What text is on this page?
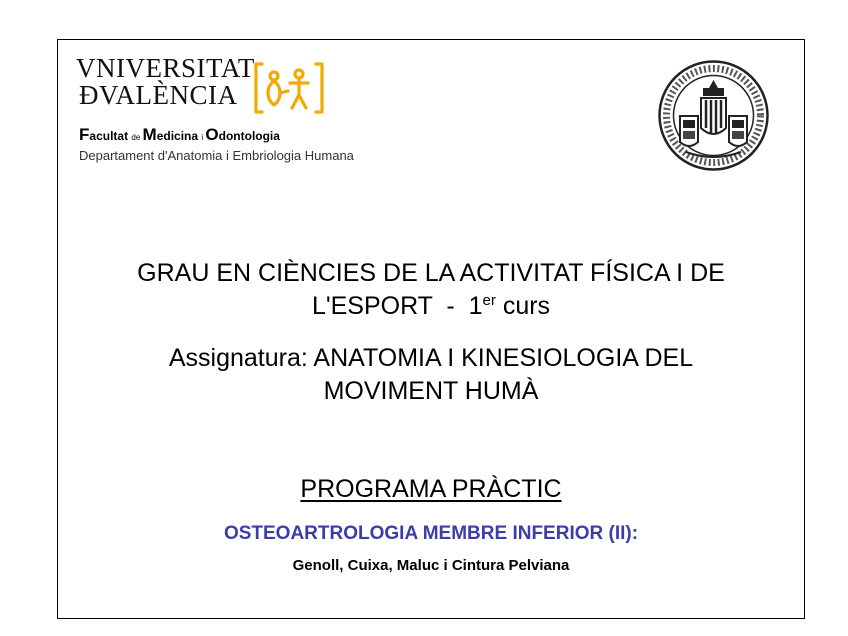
VNIVERSITAT
ÐVALÈNCIA
Facultat de Medicina i Odontologia
Departament d'Anatomia i Embriologia Humana
GRAU EN CIÈNCIES DE LA ACTIVITAT FÍSICA I DE
L'ESPORT  -  1er curs
Assignatura: ANATOMIA I KINESIOLOGIA DEL
MOVIMENT HUMÀ
PROGRAMA PRÀCTIC
OSTEOARTROLOGIA MEMBRE INFERIOR (II):
Genoll, Cuixa, Maluc i Cintura Pelviana
